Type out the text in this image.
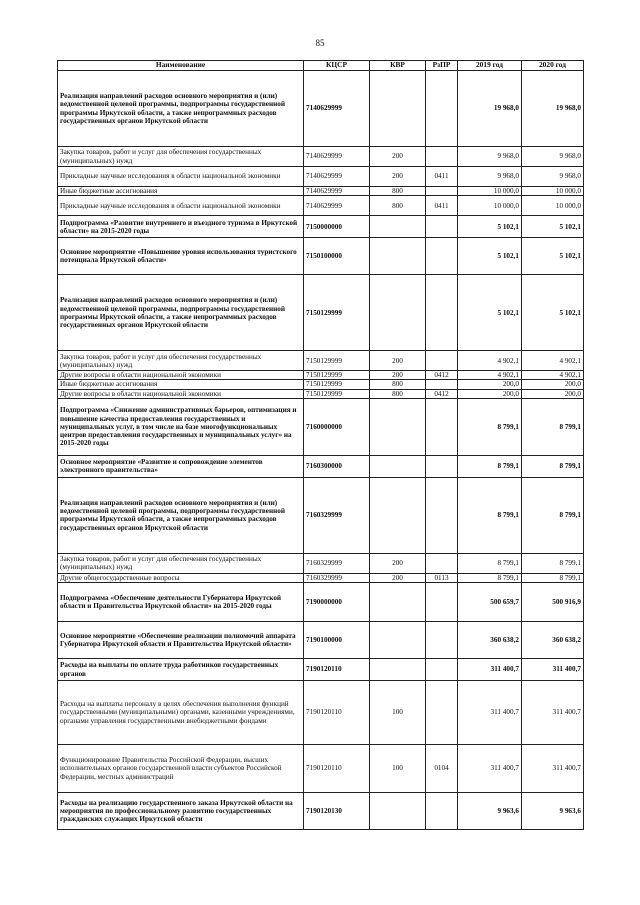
85
Наименование	КЦСР	КВР	РзПР	2019 год	2020 год
Реализация направлений расходов основного мероприятия и (или) ведомственной целевой программы, подпрограммы государственной программы Иркутской области, а также непрограммных расходов государственных органов Иркутской области	7140629999			19 968,0	19 968,0
Закупка товаров, работ и услуг для обеспечения государственных (муниципальных) нужд	7140629999	200		9 968,0	9 968,0
Прикладные научные исследования в области национальной экономики	7140629999	200	0411	9 968,0	9 968,0
Иные бюджетные ассигнования	7140629999	800		10 000,0	10 000,0
Прикладные научные исследования в области национальной экономики	7140629999	800	0411	10 000,0	10 000,0
Подпрограмма «Развитие внутреннего и въездного туризма в Иркутской области» на 2015-2020 годы	7150000000			5 102,1	5 102,1
Основное мероприятие «Повышение уровня использования туристского потенциала Иркутской области»	7150100000			5 102,1	5 102,1
Реализация направлений расходов основного мероприятия и (или) ведомственной целевой программы, подпрограммы государственной программы Иркутской области, а также непрограммных расходов государственных органов Иркутской области	7150129999			5 102,1	5 102,1
Закупка товаров, работ и услуг для обеспечения государственных (муниципальных) нужд	7150129999	200		4 902,1	4 902,1
Другие вопросы в области национальной экономики	7150129999	200	0412	4 902,1	4 902,1
Иные бюджетные ассигнования	7150129999	800		200,0	200,0
Другие вопросы в области национальной экономики	7150129999	800	0412	200,0	200,0
Подпрограмма «Снижение административных барьеров, оптимизация и повышение качества предоставления государственных и муниципальных услуг, в том числе на базе многофункциональных центров предоставления государственных и муниципальных услуг» на 2015-2020 годы	7160000000			8 799,1	8 799,1
Основное мероприятие «Развитие и сопровождение элементов электронного правительства»	7160300000			8 799,1	8 799,1
Реализация направлений расходов основного мероприятия и (или) ведомственной целевой программы, подпрограммы государственной программы Иркутской области, а также непрограммных расходов государственных органов Иркутской области	7160329999			8 799,1	8 799,1
Закупка товаров, работ и услуг для обеспечения государственных (муниципальных) нужд	7160329999	200		8 799,1	8 799,1
Другие общегосударственные вопросы	7160329999	200	0113	8 799,1	8 799,1
Подпрограмма «Обеспечение деятельности Губернатора Иркутской области и Правительства Иркутской области» на 2015-2020 годы	7190000000			500 659,7	500 916,9
Основное мероприятие «Обеспечение реализации полномочий аппарата Губернатора Иркутской области и Правительства Иркутской области»	7190100000			360 638,2	360 638,2
Расходы на выплаты по оплате труда работников государственных органов	7190120110			311 400,7	311 400,7
Расходы на выплаты персоналу в целях обеспечения выполнения функций государственными (муниципальными) органами, казенными учреждениями, органами управления государственными внебюджетными фондами	7190120110	100		311 400,7	311 400,7
Функционирование Правительства Российской Федерации, высших исполнительных органов государственной власти субъектов Российской Федерации, местных администраций	7190120110	100	0104	311 400,7	311 400,7
Расходы на реализацию государственного заказа Иркутской области на мероприятия по профессиональному развитию государственных гражданских служащих Иркутской области	7190120130			9 963,6	9 963,6
